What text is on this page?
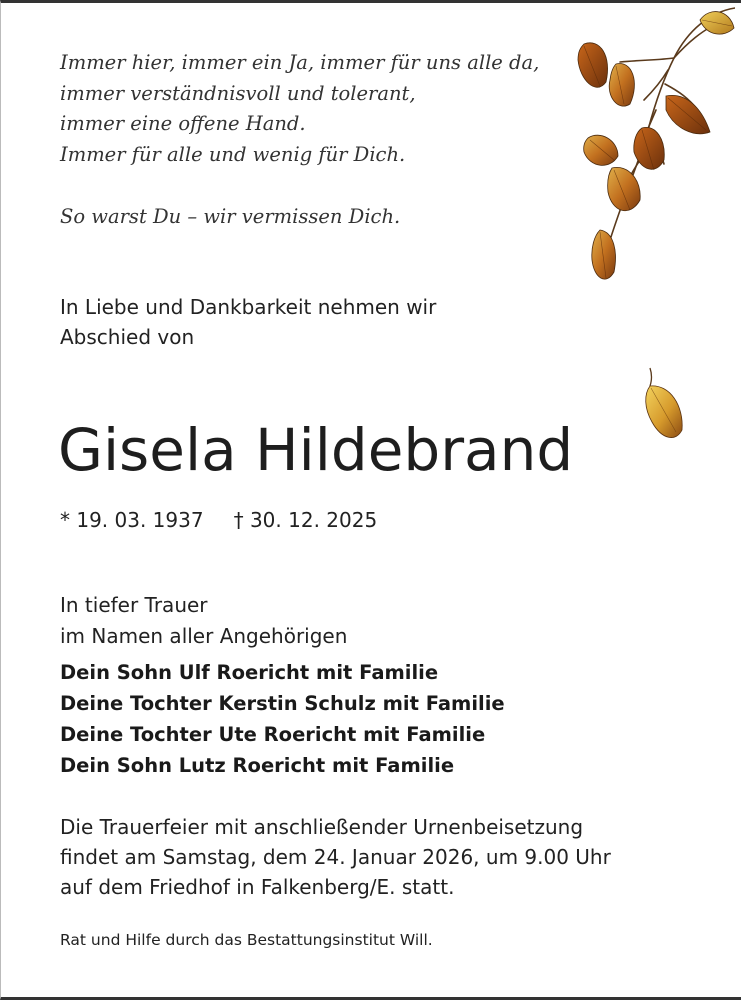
Immer hier, immer ein Ja, immer für uns alle da,
immer verständnisvoll und tolerant,
immer eine offene Hand.
Immer für alle und wenig für Dich.
So warst Du – wir vermissen Dich.
In Liebe und Dankbarkeit nehmen wir
Abschied von
Gisela Hildebrand
* 19. 03. 1937 † 30. 12. 2025
In tiefer Trauer
im Namen aller Angehörigen
Dein Sohn Ulf Roericht mit Familie
Deine Tochter Kerstin Schulz mit Familie
Deine Tochter Ute Roericht mit Familie
Dein Sohn Lutz Roericht mit Familie
Die Trauerfeier mit anschließender Urnenbeisetzung
findet am Samstag, dem 24. Januar 2026, um 9.00 Uhr
auf dem Friedhof in Falkenberg/E. statt.
Rat und Hilfe durch das Bestattungsinstitut Will.
